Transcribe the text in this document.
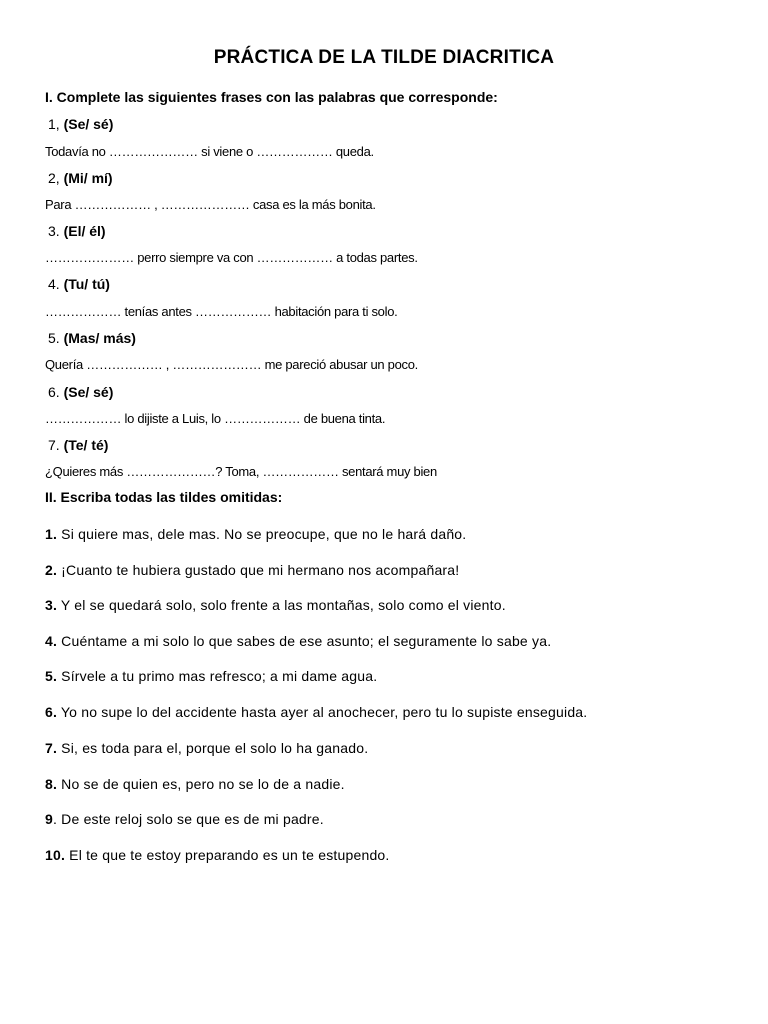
PRÁCTICA DE LA TILDE DIACRITICA
I. Complete las siguientes frases con las palabras que corresponde:
1, (Se/ sé)
Todavía no ………………… si viene o ……………… queda.
2, (Mi/ mí)
Para ……………… , ………………… casa es la más bonita.
3. (El/ él)
………………… perro siempre va con ……………… a todas partes.
4. (Tu/ tú)
……………… tenías antes ……………… habitación para ti solo.
5. (Mas/ más)
Quería ……………… , ………………… me pareció abusar un poco.
6. (Se/ sé)
……………… lo dijiste a Luis, lo ……………… de buena tinta.
7. (Te/ té)
¿Quieres más …………………? Toma, ……………… sentará muy bien
II. Escriba todas las tildes omitidas:
1. Si quiere mas, dele mas. No se preocupe, que no le hará daño.
2. ¡Cuanto te hubiera gustado que mi hermano nos acompañara!
3. Y el se quedará solo, solo frente a las montañas, solo como el viento.
4. Cuéntame a mi solo lo que sabes de ese asunto; el seguramente lo sabe ya.
5. Sírvele a tu primo mas refresco; a mi dame agua.
6. Yo no supe lo del accidente hasta ayer al anochecer, pero tu lo supiste enseguida.
7. Si, es toda para el, porque el solo lo ha ganado.
8. No se de quien es, pero no se lo de a nadie.
9. De este reloj solo se que es de mi padre.
10. El te que te estoy preparando es un te estupendo.
